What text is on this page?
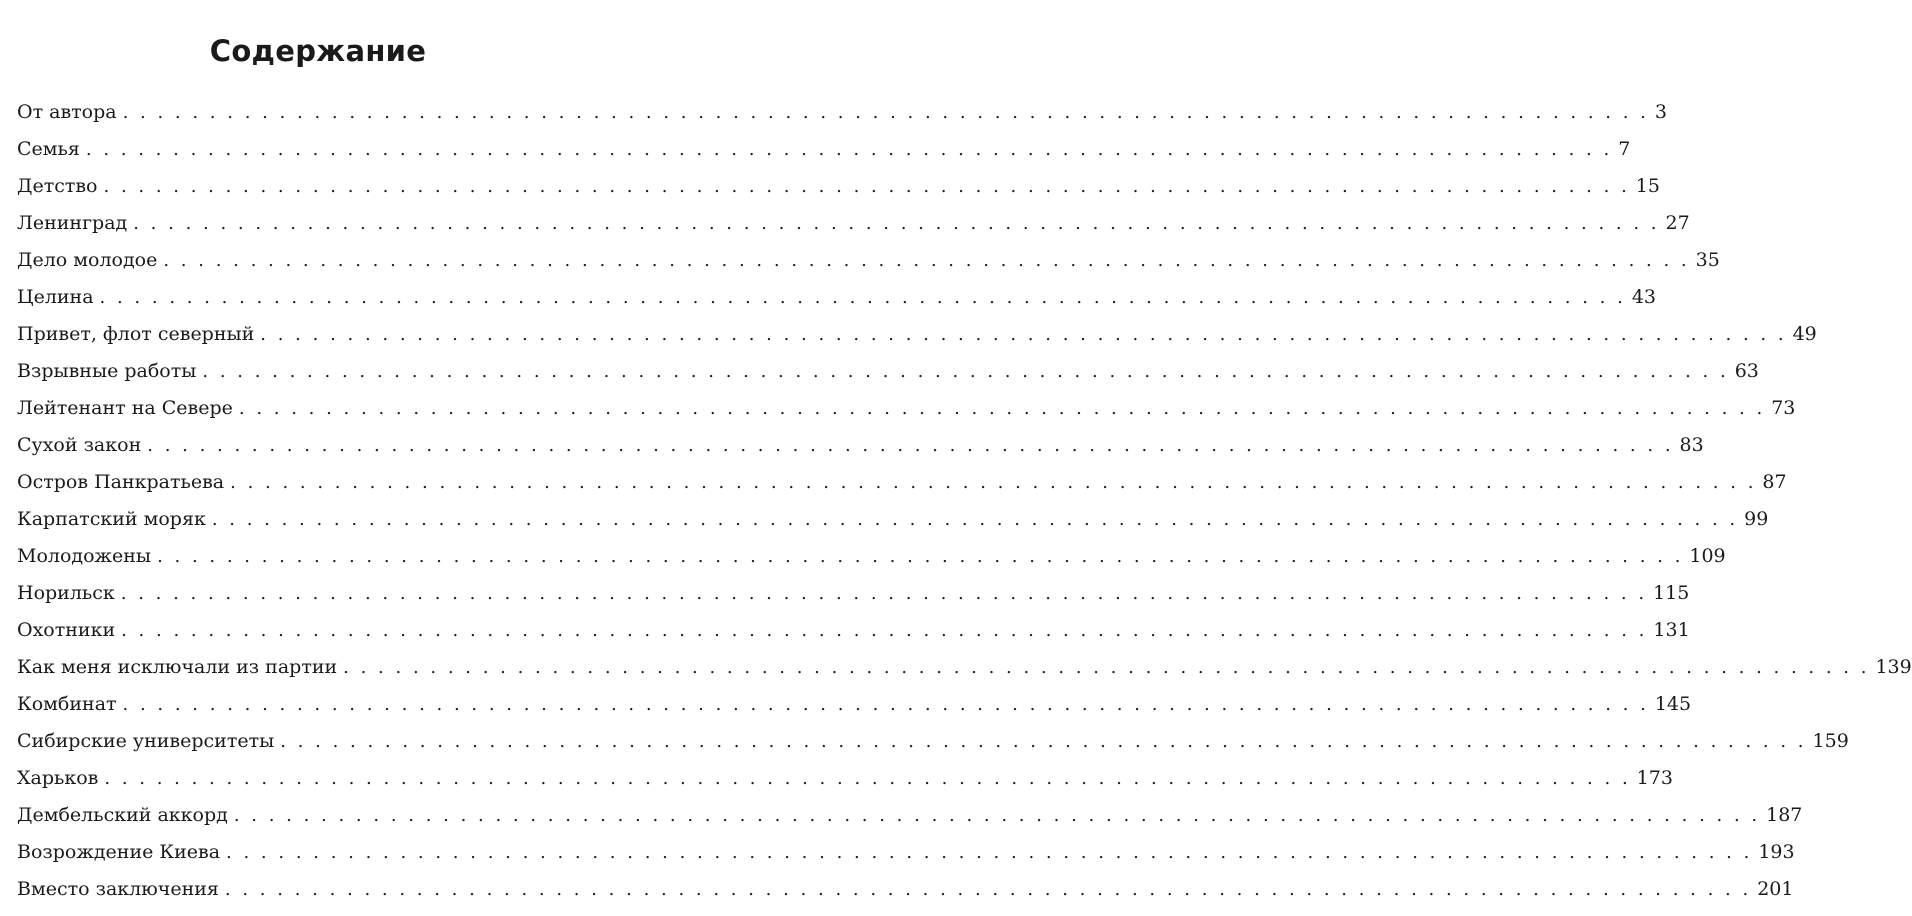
Содержание
От автора . . . . . . . . . . . . . . . . . . . . . . . . . . . . . . . . . . . . . . . . . . . . . . . . . . . . . . . . . . . . . . . . . . . . . . . . . . . . . . . . . . . . . . . . 3
Семья . . . . . . . . . . . . . . . . . . . . . . . . . . . . . . . . . . . . . . . . . . . . . . . . . . . . . . . . . . . . . . . . . . . . . . . . . . . . . . . . . . . . . . . . 7
Детство . . . . . . . . . . . . . . . . . . . . . . . . . . . . . . . . . . . . . . . . . . . . . . . . . . . . . . . . . . . . . . . . . . . . . . . . . . . . . . . . . . . . . . . . 15
Ленинград . . . . . . . . . . . . . . . . . . . . . . . . . . . . . . . . . . . . . . . . . . . . . . . . . . . . . . . . . . . . . . . . . . . . . . . . . . . . . . . . . . . . . . . . 27
Дело молодое . . . . . . . . . . . . . . . . . . . . . . . . . . . . . . . . . . . . . . . . . . . . . . . . . . . . . . . . . . . . . . . . . . . . . . . . . . . . . . . . . . . . . . . . 35
Целина . . . . . . . . . . . . . . . . . . . . . . . . . . . . . . . . . . . . . . . . . . . . . . . . . . . . . . . . . . . . . . . . . . . . . . . . . . . . . . . . . . . . . . . . 43
Привет, флот северный . . . . . . . . . . . . . . . . . . . . . . . . . . . . . . . . . . . . . . . . . . . . . . . . . . . . . . . . . . . . . . . . . . . . . . . . . . . . . . . . . . . . . . . . 49
Взрывные работы . . . . . . . . . . . . . . . . . . . . . . . . . . . . . . . . . . . . . . . . . . . . . . . . . . . . . . . . . . . . . . . . . . . . . . . . . . . . . . . . . . . . . . . . 63
Лейтенант на Севере . . . . . . . . . . . . . . . . . . . . . . . . . . . . . . . . . . . . . . . . . . . . . . . . . . . . . . . . . . . . . . . . . . . . . . . . . . . . . . . . . . . . . . . . 73
Сухой закон . . . . . . . . . . . . . . . . . . . . . . . . . . . . . . . . . . . . . . . . . . . . . . . . . . . . . . . . . . . . . . . . . . . . . . . . . . . . . . . . . . . . . . . . 83
Остров Панкратьева . . . . . . . . . . . . . . . . . . . . . . . . . . . . . . . . . . . . . . . . . . . . . . . . . . . . . . . . . . . . . . . . . . . . . . . . . . . . . . . . . . . . . . . . 87
Карпатский моряк . . . . . . . . . . . . . . . . . . . . . . . . . . . . . . . . . . . . . . . . . . . . . . . . . . . . . . . . . . . . . . . . . . . . . . . . . . . . . . . . . . . . . . . . 99
Молодожены . . . . . . . . . . . . . . . . . . . . . . . . . . . . . . . . . . . . . . . . . . . . . . . . . . . . . . . . . . . . . . . . . . . . . . . . . . . . . . . . . . . . . . . . 109
Норильск . . . . . . . . . . . . . . . . . . . . . . . . . . . . . . . . . . . . . . . . . . . . . . . . . . . . . . . . . . . . . . . . . . . . . . . . . . . . . . . . . . . . . . . . 115
Охотники . . . . . . . . . . . . . . . . . . . . . . . . . . . . . . . . . . . . . . . . . . . . . . . . . . . . . . . . . . . . . . . . . . . . . . . . . . . . . . . . . . . . . . . . 131
Как меня исключали из партии . . . . . . . . . . . . . . . . . . . . . . . . . . . . . . . . . . . . . . . . . . . . . . . . . . . . . . . . . . . . . . . . . . . . . . . . . . . . . . . . . . . . . . . . 139
Комбинат . . . . . . . . . . . . . . . . . . . . . . . . . . . . . . . . . . . . . . . . . . . . . . . . . . . . . . . . . . . . . . . . . . . . . . . . . . . . . . . . . . . . . . . . 145
Сибирские университеты . . . . . . . . . . . . . . . . . . . . . . . . . . . . . . . . . . . . . . . . . . . . . . . . . . . . . . . . . . . . . . . . . . . . . . . . . . . . . . . . . . . . . . . . 159
Харьков . . . . . . . . . . . . . . . . . . . . . . . . . . . . . . . . . . . . . . . . . . . . . . . . . . . . . . . . . . . . . . . . . . . . . . . . . . . . . . . . . . . . . . . . 173
Дембельский аккорд . . . . . . . . . . . . . . . . . . . . . . . . . . . . . . . . . . . . . . . . . . . . . . . . . . . . . . . . . . . . . . . . . . . . . . . . . . . . . . . . . . . . . . . . 187
Возрождение Киева . . . . . . . . . . . . . . . . . . . . . . . . . . . . . . . . . . . . . . . . . . . . . . . . . . . . . . . . . . . . . . . . . . . . . . . . . . . . . . . . . . . . . . . . 193
Вместо заключения . . . . . . . . . . . . . . . . . . . . . . . . . . . . . . . . . . . . . . . . . . . . . . . . . . . . . . . . . . . . . . . . . . . . . . . . . . . . . . . . . . . . . . . . 201
